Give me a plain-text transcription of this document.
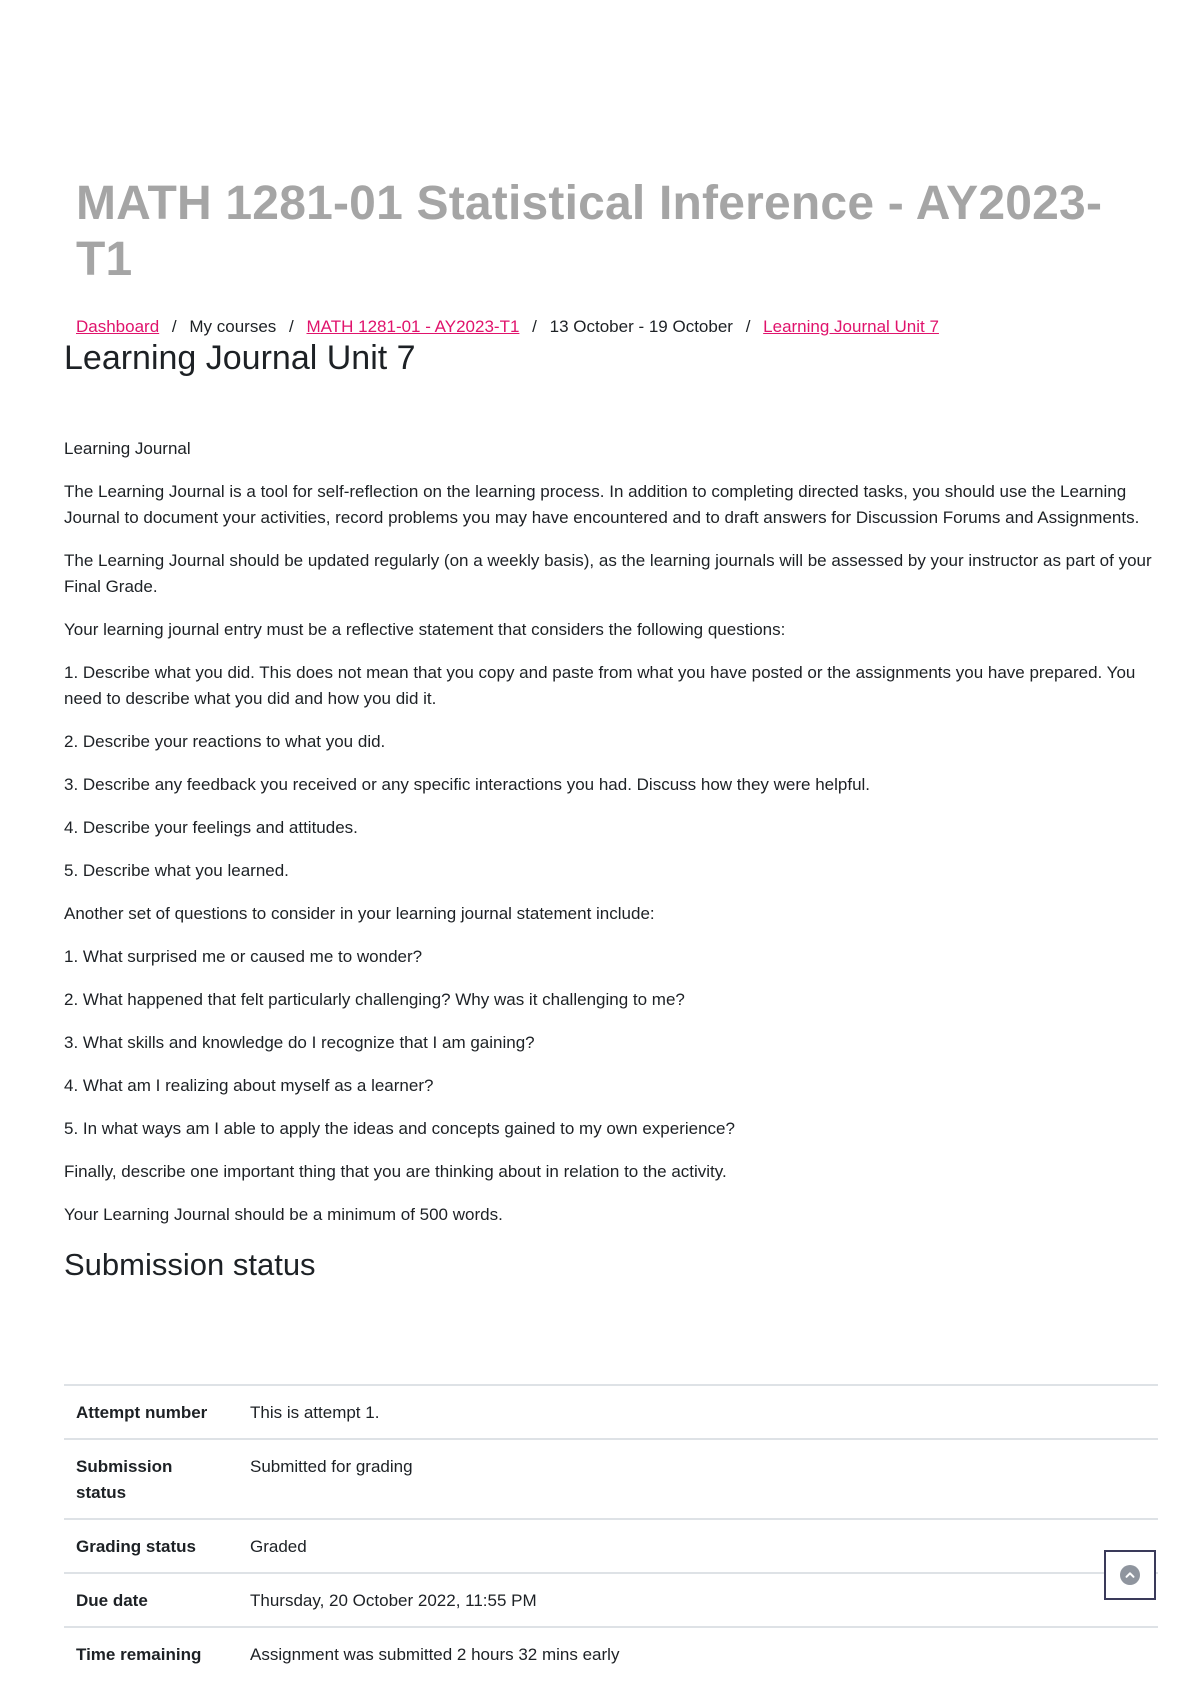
MATH 1281-01 Statistical Inference - AY2023-T1
Dashboard / My courses / MATH 1281-01 - AY2023-T1 / 13 October - 19 October / Learning Journal Unit 7
Learning Journal Unit 7

Learning Journal

The Learning Journal is a tool for self-reflection on the learning process. In addition to completing directed tasks, you should use the Learning Journal to document your activities, record problems you may have encountered and to draft answers for Discussion Forums and Assignments.

The Learning Journal should be updated regularly (on a weekly basis), as the learning journals will be assessed by your instructor as part of your Final Grade.

Your learning journal entry must be a reflective statement that considers the following questions:

1. Describe what you did. This does not mean that you copy and paste from what you have posted or the assignments you have prepared. You need to describe what you did and how you did it.

2. Describe your reactions to what you did.

3. Describe any feedback you received or any specific interactions you had. Discuss how they were helpful.

4. Describe your feelings and attitudes.

5. Describe what you learned.

Another set of questions to consider in your learning journal statement include:

1. What surprised me or caused me to wonder?

2. What happened that felt particularly challenging? Why was it challenging to me?

3. What skills and knowledge do I recognize that I am gaining?

4. What am I realizing about myself as a learner?

5. In what ways am I able to apply the ideas and concepts gained to my own experience?

Finally, describe one important thing that you are thinking about in relation to the activity.

Your Learning Journal should be a minimum of 500 words.

Submission status
Attempt number	This is attempt 1.
Submission status	Submitted for grading
Grading status	Graded
Due date	Thursday, 20 October 2022, 11:55 PM
Time remaining	Assignment was submitted 2 hours 32 mins early
